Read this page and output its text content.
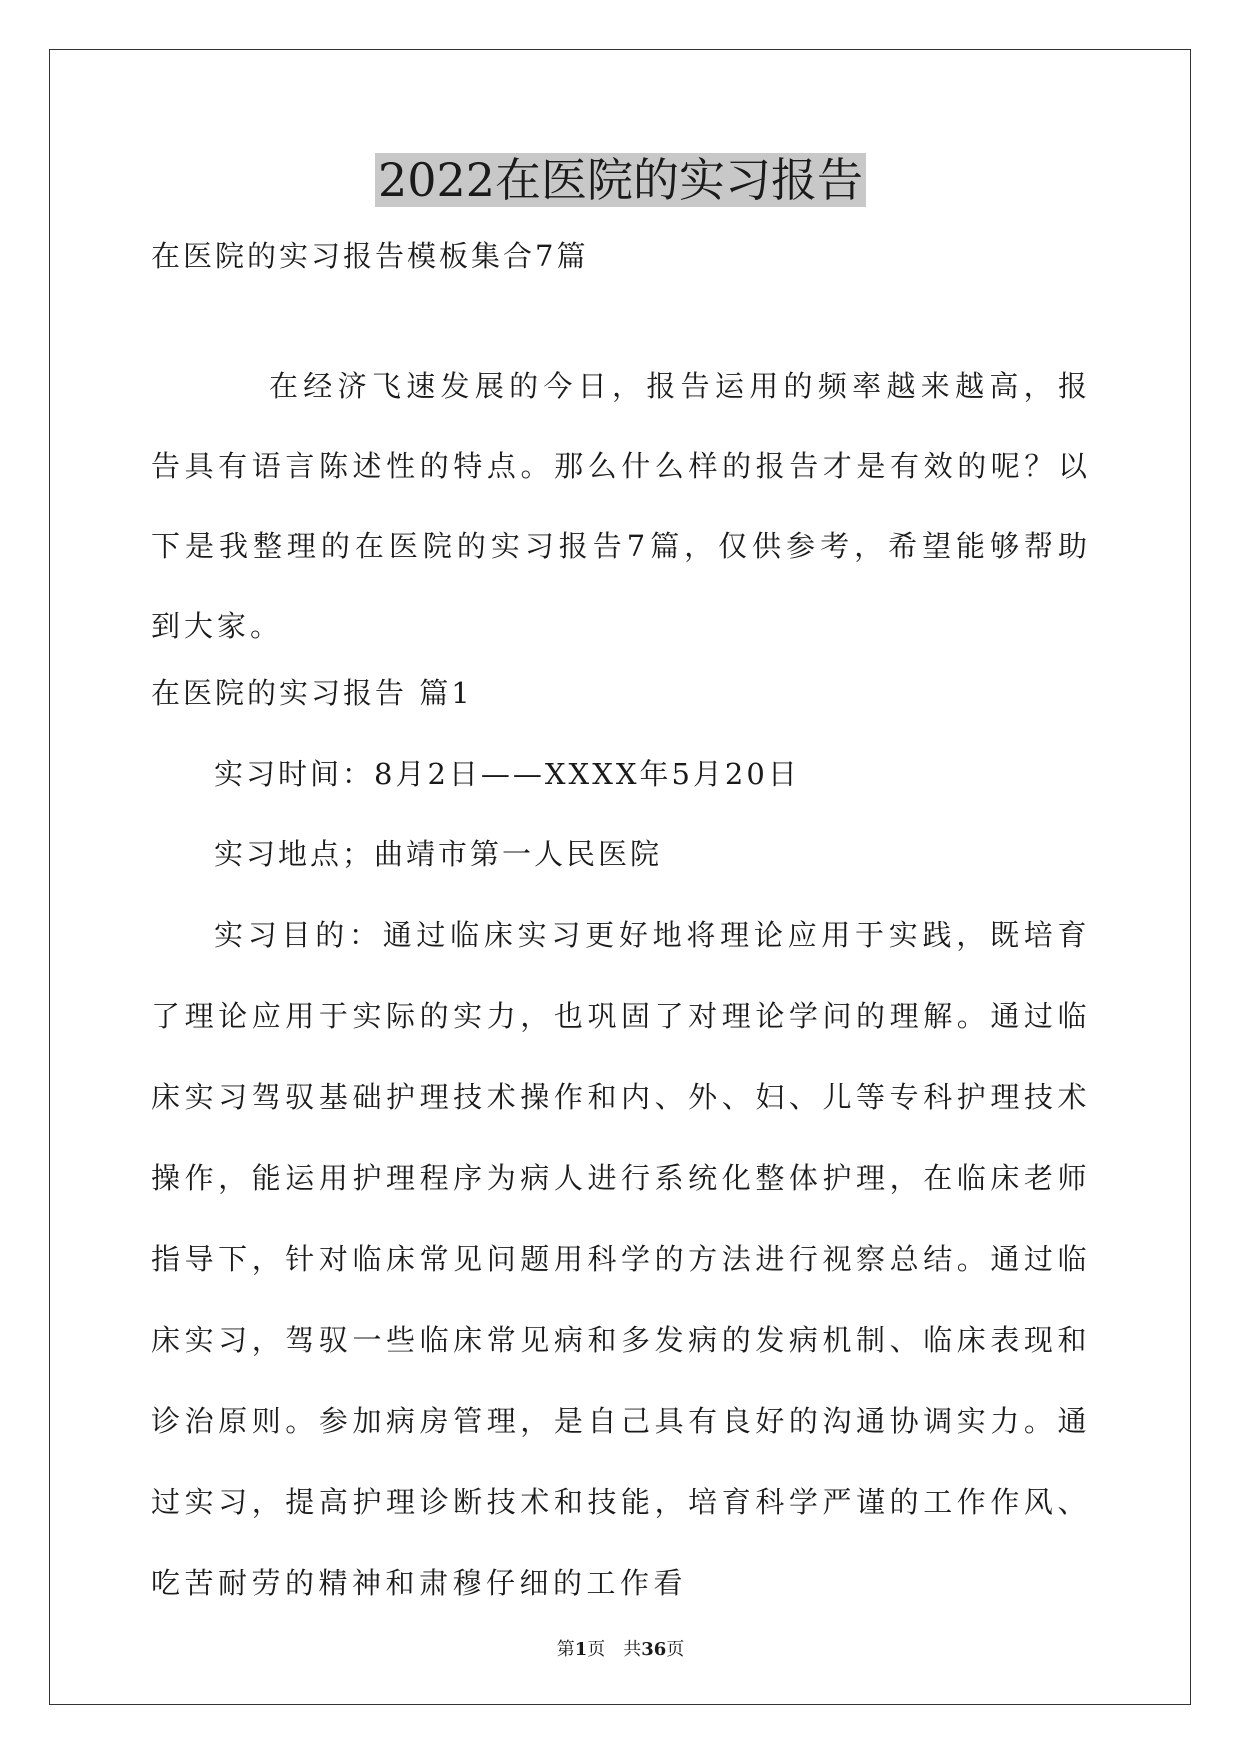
2022在医院的实习报告

在医院的实习报告模板集合7篇

在经济飞速发展的今日，报告运用的频率越来越高，报告具有语言陈述性的特点。那么什么样的报告才是有效的呢？以下是我整理的在医院的实习报告7篇，仅供参考，希望能够帮助到大家。

在医院的实习报告 篇1

实习时间：8月2日——XXXX年5月20日

实习地点；曲靖市第一人民医院

实习目的：通过临床实习更好地将理论应用于实践，既培育了理论应用于实际的实力，也巩固了对理论学问的理解。通过临床实习驾驭基础护理技术操作和内、外、妇、儿等专科护理技术操作，能运用护理程序为病人进行系统化整体护理，在临床老师指导下，针对临床常见问题用科学的方法进行视察总结。通过临床实习，驾驭一些临床常见病和多发病的发病机制、临床表现和诊治原则。参加病房管理，是自己具有良好的沟通协调实力。通过实习，提高护理诊断技术和技能，培育科学严谨的工作作风、吃苦耐劳的精神和肃穆仔细的工作看

第1页　共36页
